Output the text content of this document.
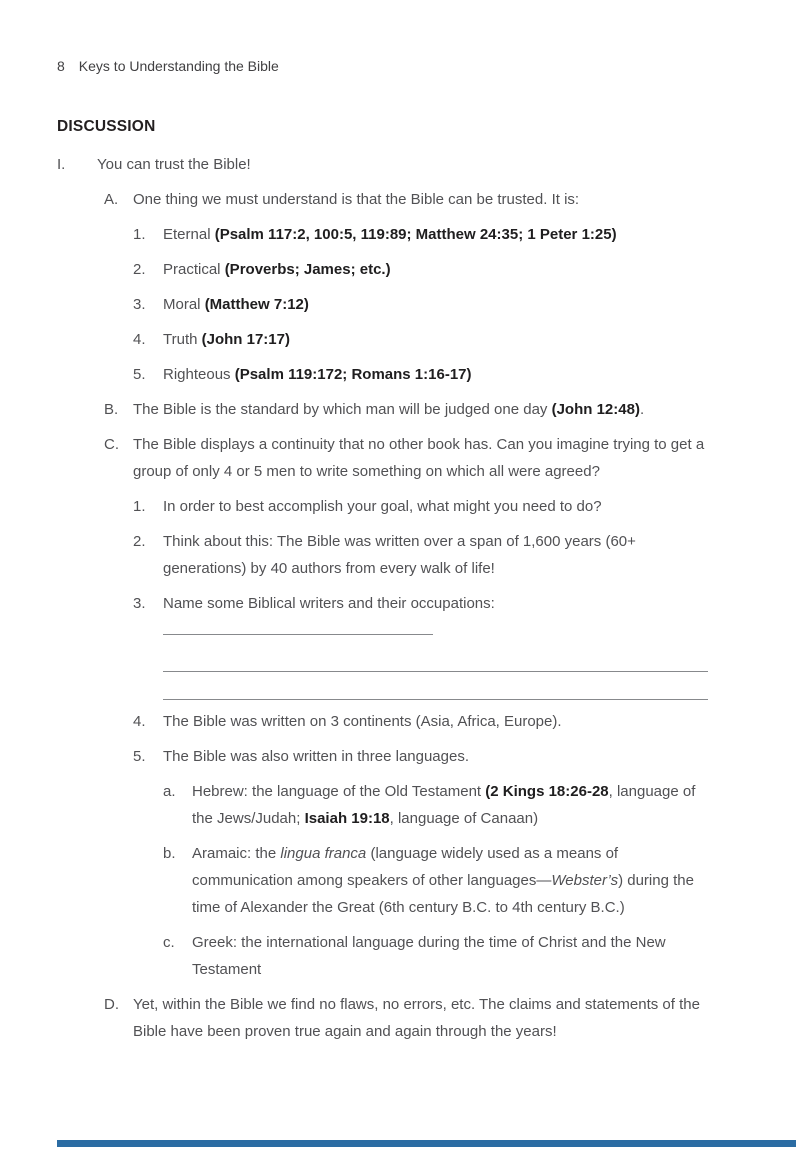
8 Keys to Understanding the Bible
DISCUSSION
I.	You can trust the Bible!
A. One thing we must understand is that the Bible can be trusted. It is:
1.	Eternal (Psalm 117:2, 100:5, 119:89; Matthew 24:35; 1 Peter 1:25)
2.	Practical (Proverbs; James; etc.)
3.	Moral (Matthew 7:12)
4.	Truth (John 17:17)
5.	Righteous (Psalm 119:172; Romans 1:16-17)
B. The Bible is the standard by which man will be judged one day (John 12:48).
C. The Bible displays a continuity that no other book has. Can you imagine trying to get a group of only 4 or 5 men to write something on which all were agreed?
1.	In order to best accomplish your goal, what might you need to do?
2.	Think about this: The Bible was written over a span of 1,600 years (60+ generations) by 40 authors from every walk of life!
3.	Name some Biblical writers and their occupations:
4.	The Bible was written on 3 continents (Asia, Africa, Europe).
5.	The Bible was also written in three languages.
a.	Hebrew: the language of the Old Testament (2 Kings 18:26-28, language of the Jews/Judah; Isaiah 19:18, language of Canaan)
b.	Aramaic: the lingua franca (language widely used as a means of communication among speakers of other languages—Webster’s) during the time of Alexander the Great (6th century B.C. to 4th century B.C.)
c.	Greek: the international language during the time of Christ and the New Testament
D. Yet, within the Bible we find no flaws, no errors, etc. The claims and statements of the Bible have been proven true again and again through the years!
